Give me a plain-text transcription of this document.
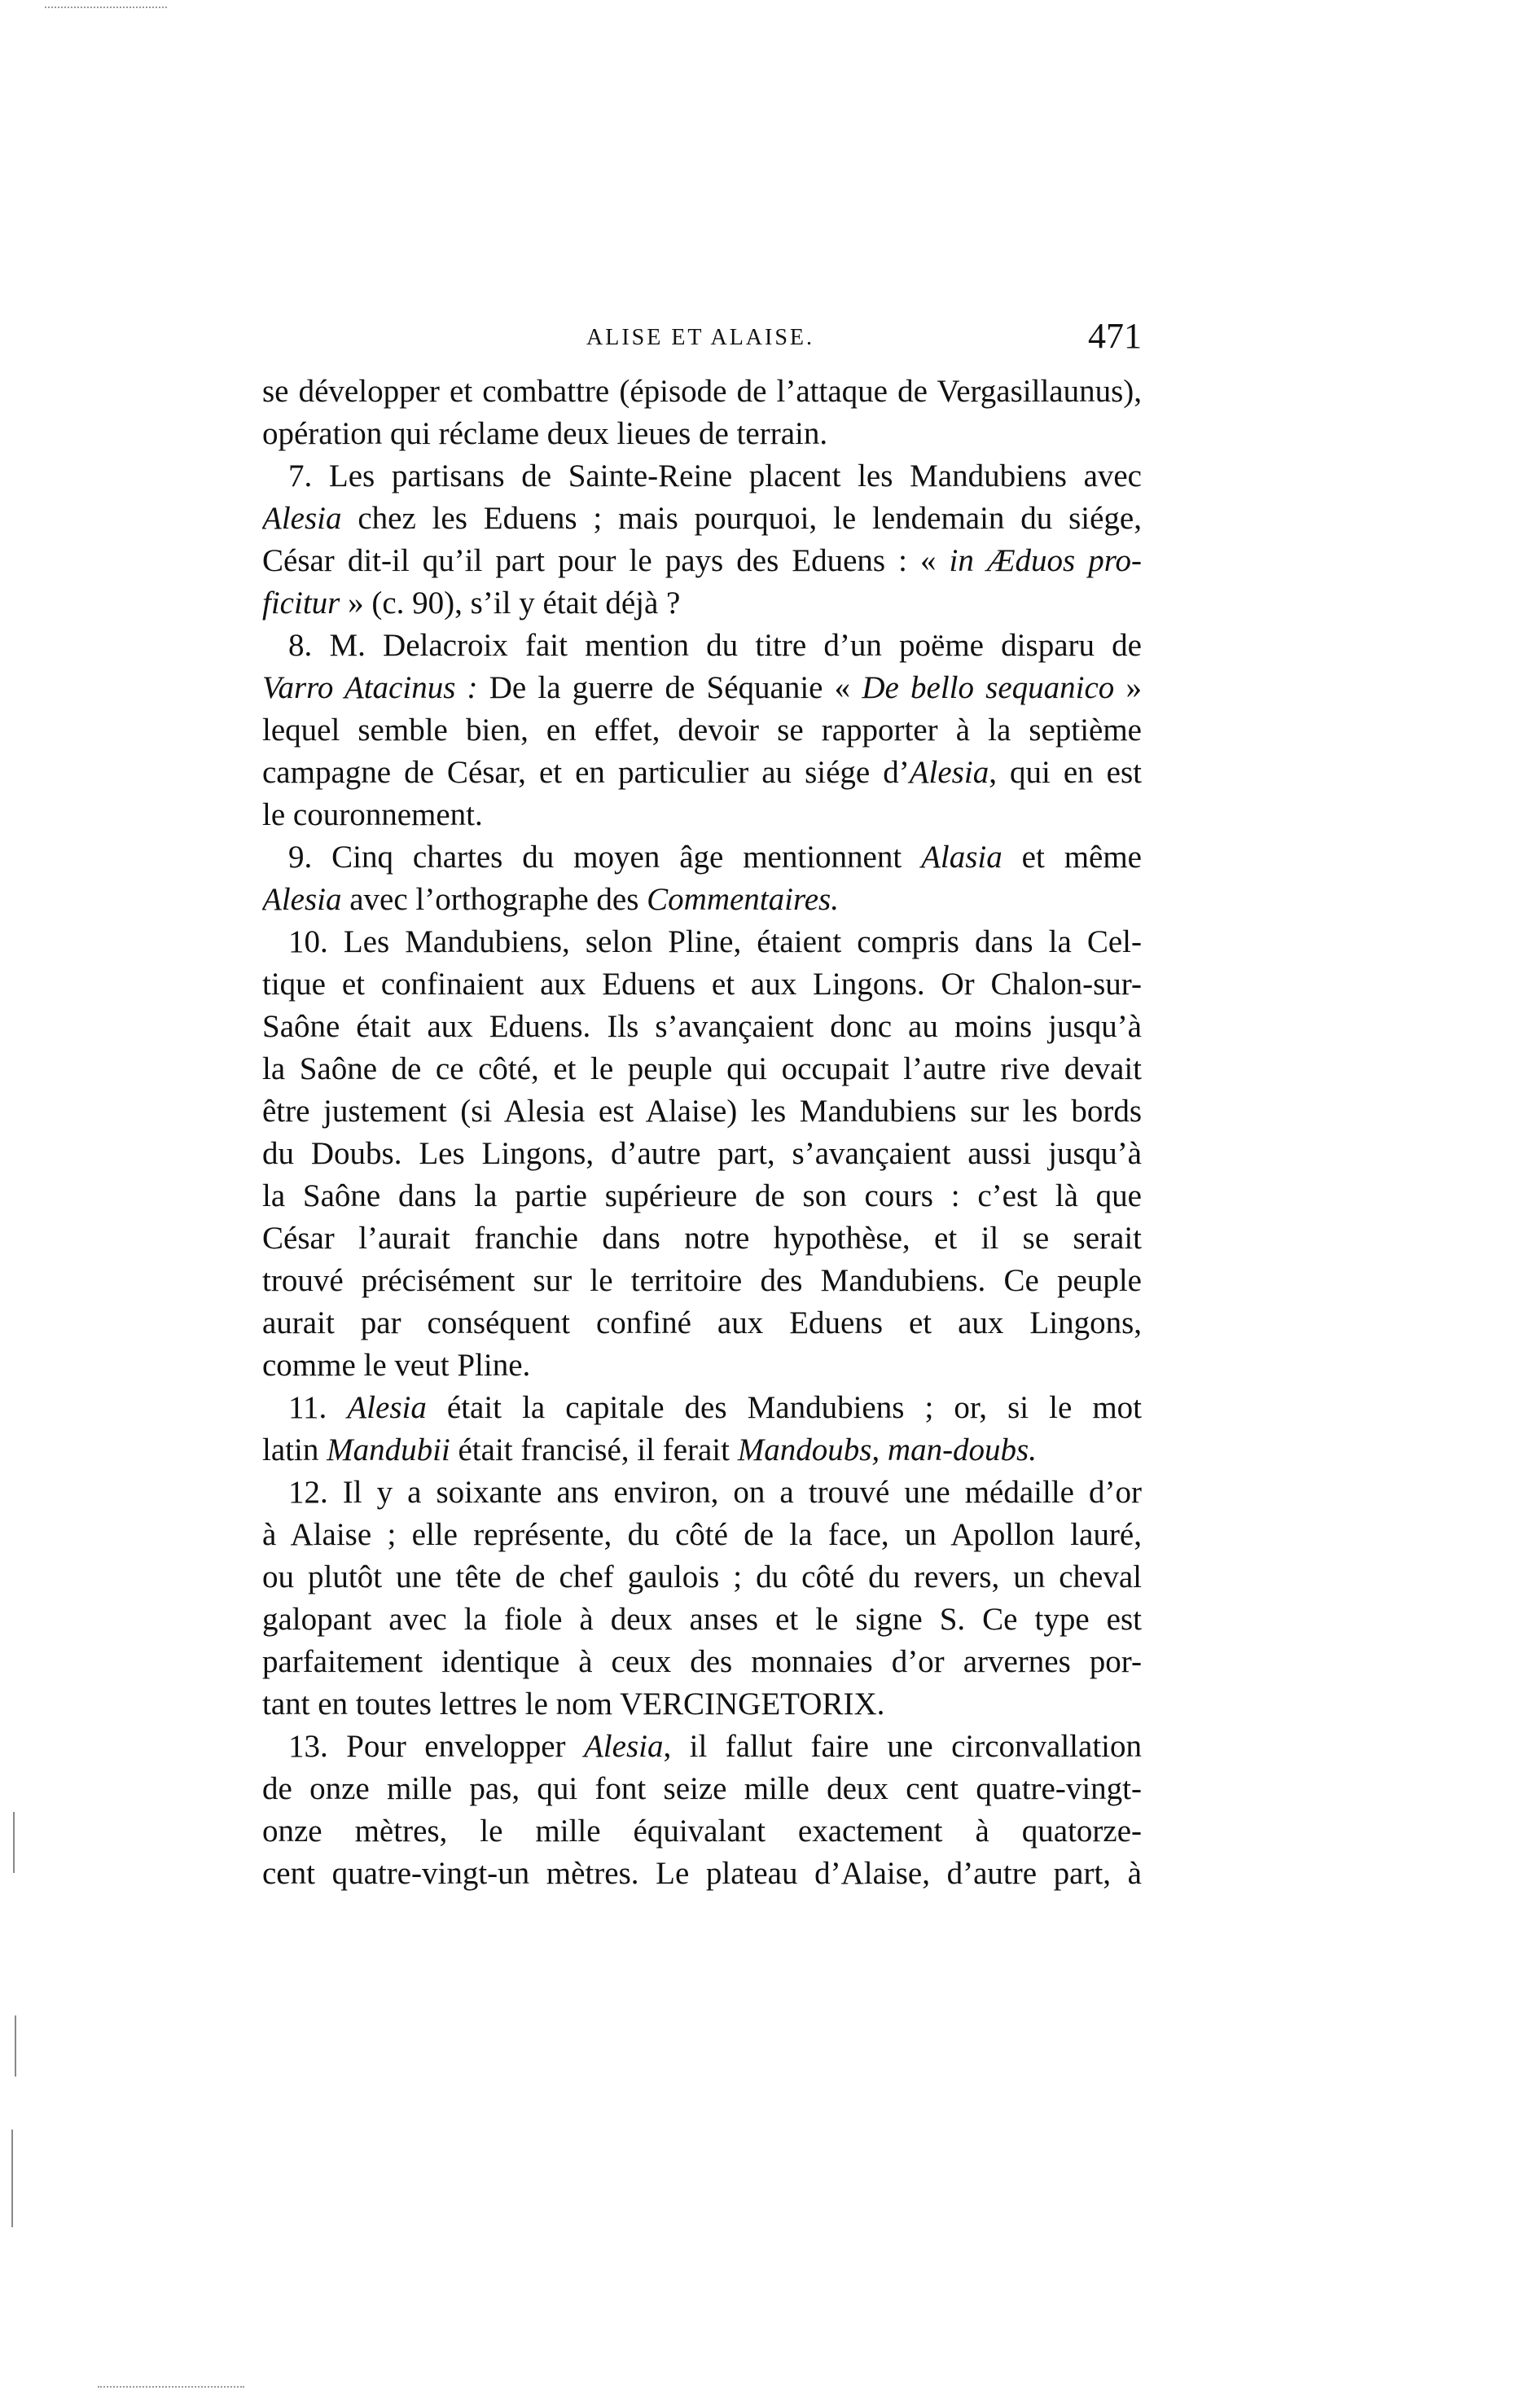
ALISE ET ALAISE.	471
se développer et combattre (épisode de l’attaque de Vergasillaunus),
opération qui réclame deux lieues de terrain.
7. Les partisans de Sainte-Reine placent les Mandubiens avec
Alesia chez les Eduens ; mais pourquoi, le lendemain du siége,
César dit-il qu’il part pour le pays des Eduens : « in Æduos pro-
ficitur » (c. 90), s’il y était déjà ?
8. M. Delacroix fait mention du titre d’un poëme disparu de
Varro Atacinus : De la guerre de Séquanie « De bello sequanico »
lequel semble bien, en effet, devoir se rapporter à la septième
campagne de César, et en particulier au siége d’Alesia, qui en est
le couronnement.
9. Cinq chartes du moyen âge mentionnent Alasia et même
Alesia avec l’orthographe des Commentaires.
10. Les Mandubiens, selon Pline, étaient compris dans la Cel-
tique et confinaient aux Eduens et aux Lingons. Or Chalon-sur-
Saône était aux Eduens. Ils s’avançaient donc au moins jusqu’à
la Saône de ce côté, et le peuple qui occupait l’autre rive devait
être justement (si Alesia est Alaise) les Mandubiens sur les bords
du Doubs. Les Lingons, d’autre part, s’avançaient aussi jusqu’à
la Saône dans la partie supérieure de son cours : c’est là que
César l’aurait franchie dans notre hypothèse, et il se serait
trouvé précisément sur le territoire des Mandubiens. Ce peuple
aurait par conséquent confiné aux Eduens et aux Lingons,
comme le veut Pline.
11. Alesia était la capitale des Mandubiens ; or, si le mot
latin Mandubii était francisé, il ferait Mandoubs, man-doubs.
12. Il y a soixante ans environ, on a trouvé une médaille d’or
à Alaise ; elle représente, du côté de la face, un Apollon lauré,
ou plutôt une tête de chef gaulois ; du côté du revers, un cheval
galopant avec la fiole à deux anses et le signe S. Ce type est
parfaitement identique à ceux des monnaies d’or arvernes por-
tant en toutes lettres le nom VERCINGETORIX.
13. Pour envelopper Alesia, il fallut faire une circonvallation
de onze mille pas, qui font seize mille deux cent quatre-vingt-
onze mètres, le mille équivalant exactement à quatorze-
cent quatre-vingt-un mètres. Le plateau d’Alaise, d’autre part, à
